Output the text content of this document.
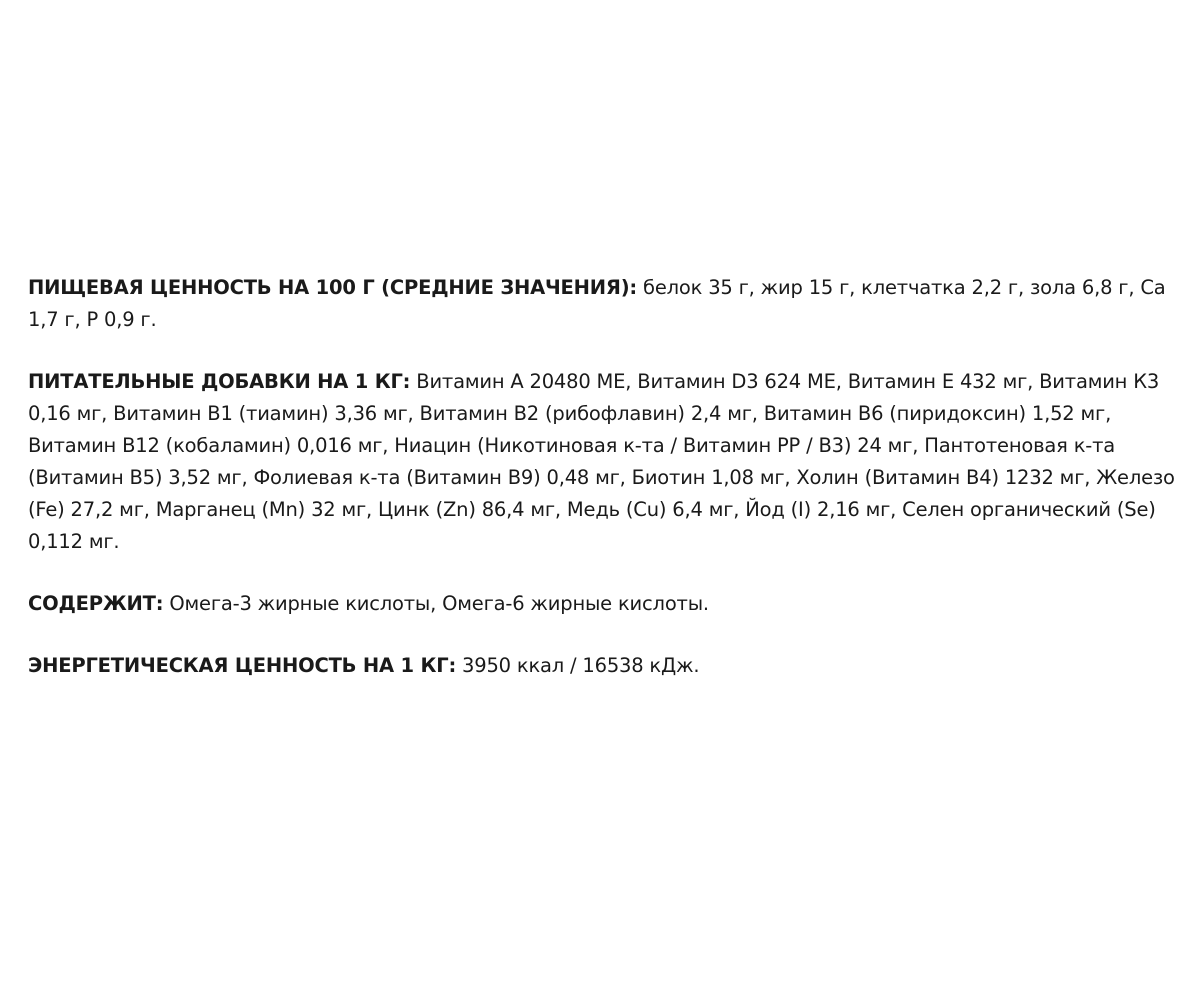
ПИЩЕВАЯ ЦЕННОСТЬ НА 100 Г (СРЕДНИЕ ЗНАЧЕНИЯ): белок 35 г, жир 15 г, клетчатка 2,2 г, зола 6,8 г, Ca 1,7 г, P 0,9 г.

ПИТАТЕЛЬНЫЕ ДОБАВКИ НА 1 КГ: Витамин A 20480 МЕ, Витамин D3 624 МЕ, Витамин E 432 мг, Витамин К3 0,16 мг, Витамин В1 (тиамин) 3,36 мг, Витамин В2 (рибофлавин) 2,4 мг, Витамин В6 (пиридоксин) 1,52 мг, Витамин В12 (кобаламин) 0,016 мг, Ниацин (Никотиновая к-та / Витамин РР / В3) 24 мг, Пантотеновая к-та (Витамин В5) 3,52 мг, Фолиевая к-та (Витамин В9) 0,48 мг, Биотин 1,08 мг, Холин (Витамин В4) 1232 мг, Железо (Fe) 27,2 мг, Марганец (Mn) 32 мг, Цинк (Zn) 86,4 мг, Медь (Cu) 6,4 мг, Йод (I) 2,16 мг, Селен органический (Se) 0,112 мг.

СОДЕРЖИТ: Омега-3 жирные кислоты, Омега-6 жирные кислоты.

ЭНЕРГЕТИЧЕСКАЯ ЦЕННОСТЬ НА 1 КГ: 3950 ккал / 16538 кДж.
